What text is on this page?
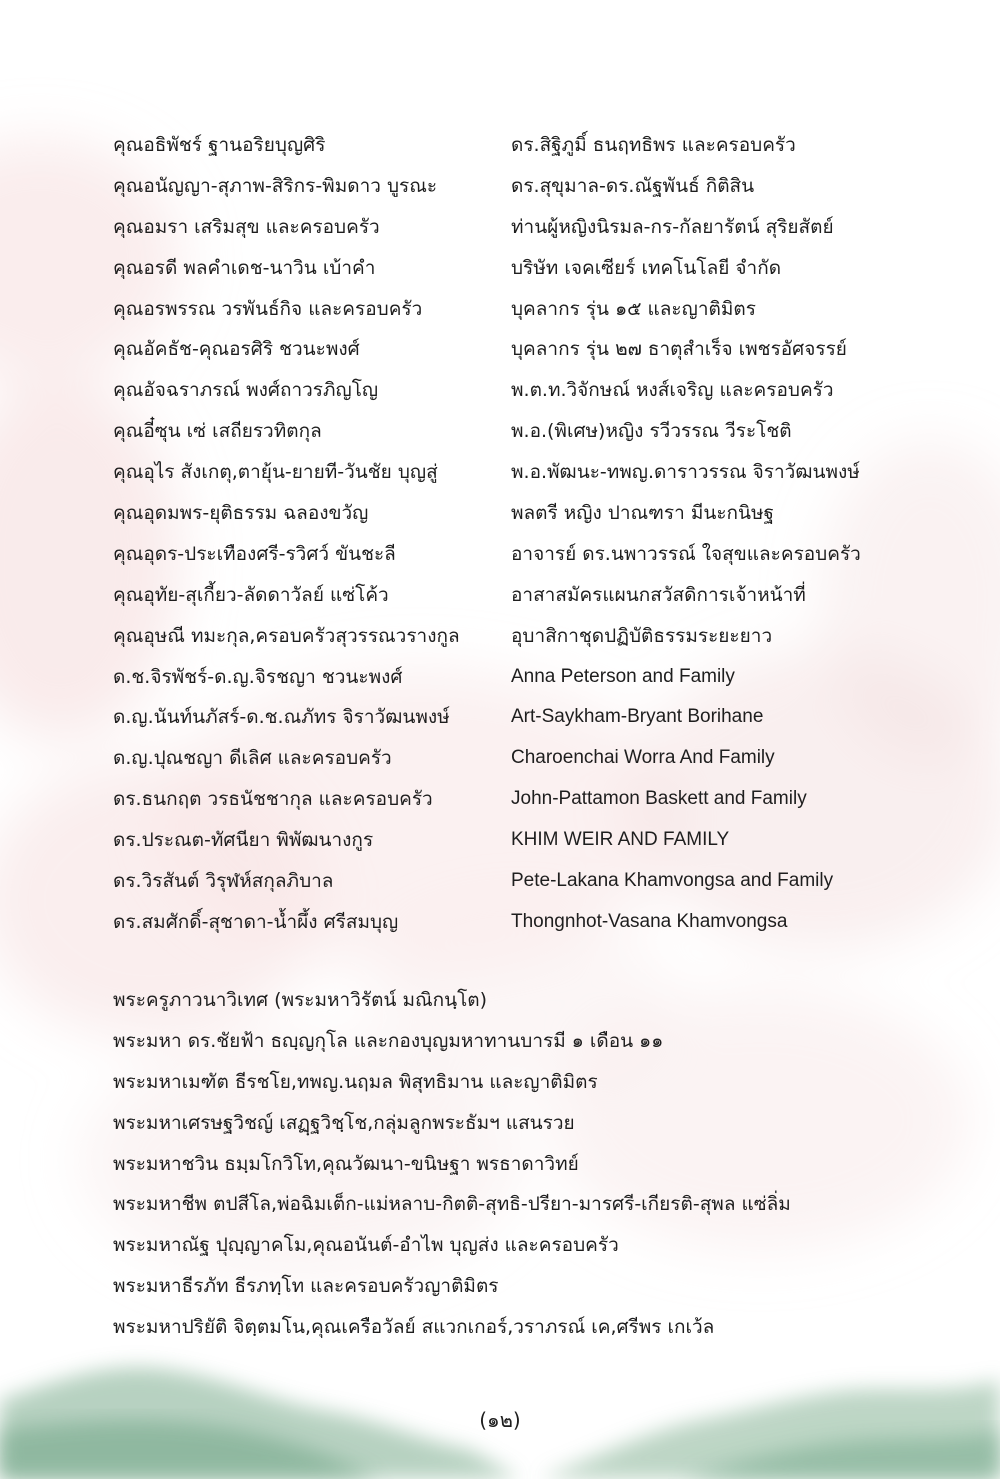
คุณอธิพัชร์ ฐานอริยบุญศิริ
คุณอนัญญา-สุภาพ-สิริกร-พิมดาว บูรณะ
คุณอมรา เสริมสุข และครอบครัว
คุณอรดี พลคำเดช-นาวิน เบ้าคำ
คุณอรพรรณ วรพันธ์กิจ และครอบครัว
คุณอัคธัช-คุณอรศิริ ชวนะพงศ์
คุณอัจฉราภรณ์ พงศ์ถาวรภิญโญ
คุณอี๋ซุน เซ่ เสถียรวทิตกุล
คุณอุไร สังเกตุ,ตายุ้น-ยายที-วันชัย บุญสู่
คุณอุดมพร-ยุติธรรม ฉลองขวัญ
คุณอุดร-ประเทืองศรี-รวิศว์ ขันชะลี
คุณอุทัย-สุเกี้ยว-ลัดดาวัลย์ แซ่โค้ว
คุณอุษณี ทมะกุล,ครอบครัวสุวรรณวรางกูล
ด.ช.จิรพัชร์-ด.ญ.จิรชญา ชวนะพงศ์
ด.ญ.นันท์นภัสร์-ด.ช.ณภัทร จิราวัฒนพงษ์
ด.ญ.ปุณชญา ดีเลิศ และครอบครัว
ดร.ธนกฤต วรธนัชชากุล และครอบครัว
ดร.ประณต-ทัศนียา พิพัฒนางกูร
ดร.วิรสันต์ วิรุฬห์สกุลภิบาล
ดร.สมศักดิ์-สุชาดา-น้ำผึ้ง ศรีสมบุญ
ดร.สิฐิภูมิ์ ธนฤทธิพร และครอบครัว
ดร.สุขุมาล-ดร.ณัฐพันธ์ กิติสิน
ท่านผู้หญิงนิรมล-กร-กัลยารัตน์ สุริยสัตย์
บริษัท เจคเซียร์ เทคโนโลยี จำกัด
บุคลากร รุ่น ๑๕ และญาติมิตร
บุคลากร รุ่น ๒๗ ธาตุสำเร็จ เพชรอัศจรรย์
พ.ต.ท.วิจักษณ์ หงส์เจริญ และครอบครัว
พ.อ.(พิเศษ)หญิง รวีวรรณ วีระโชติ
พ.อ.พัฒนะ-ทพญ.ดาราวรรณ จิราวัฒนพงษ์
พลตรี หญิง ปาณฑรา มีนะกนิษฐ
อาจารย์ ดร.นพาวรรณ์ ใจสุขและครอบครัว
อาสาสมัครแผนกสวัสดิการเจ้าหน้าที่
อุบาสิกาชุดปฏิบัติธรรมระยะยาว
Anna Peterson and Family
Art-Saykham-Bryant Borihane
Charoenchai Worra And Family
John-Pattamon Baskett and Family
KHIM WEIR AND FAMILY
Pete-Lakana Khamvongsa and Family
Thongnhot-Vasana Khamvongsa
พระครูภาวนาวิเทศ (พระมหาวิรัตน์ มณิกนฺโต)
พระมหา ดร.ชัยฟ้า ธญฺญกุโล และกองบุญมหาทานบารมี ๑ เดือน ๑๑
พระมหาเมฑัต ธีรชโย,ทพญ.นฤมล พิสุทธิมาน และญาติมิตร
พระมหาเศรษฐวิชญ์ เสฏฺฐวิชฺโช,กลุ่มลูกพระธัมฯ แสนรวย
พระมหาชวิน ธมฺมโกวิโท,คุณวัฒนา-ขนิษฐา พรธาดาวิทย์
พระมหาชีพ ตปสีโล,พ่อฉิมเต็ก-แม่หลาบ-กิตติ-สุทธิ-ปรียา-มารศรี-เกียรติ-สุพล แซ่ลิ่ม
พระมหาณัฐ ปุญฺญาคโม,คุณอนันต์-อำไพ บุญส่ง และครอบครัว
พระมหาธีรภัท ธีรภทฺโท และครอบครัวญาติมิตร
พระมหาปริยัติ จิตฺตมโน,คุณเครือวัลย์ สแวกเกอร์,วราภรณ์ เค,ศรีพร เกเว้ล
(๑๒)
